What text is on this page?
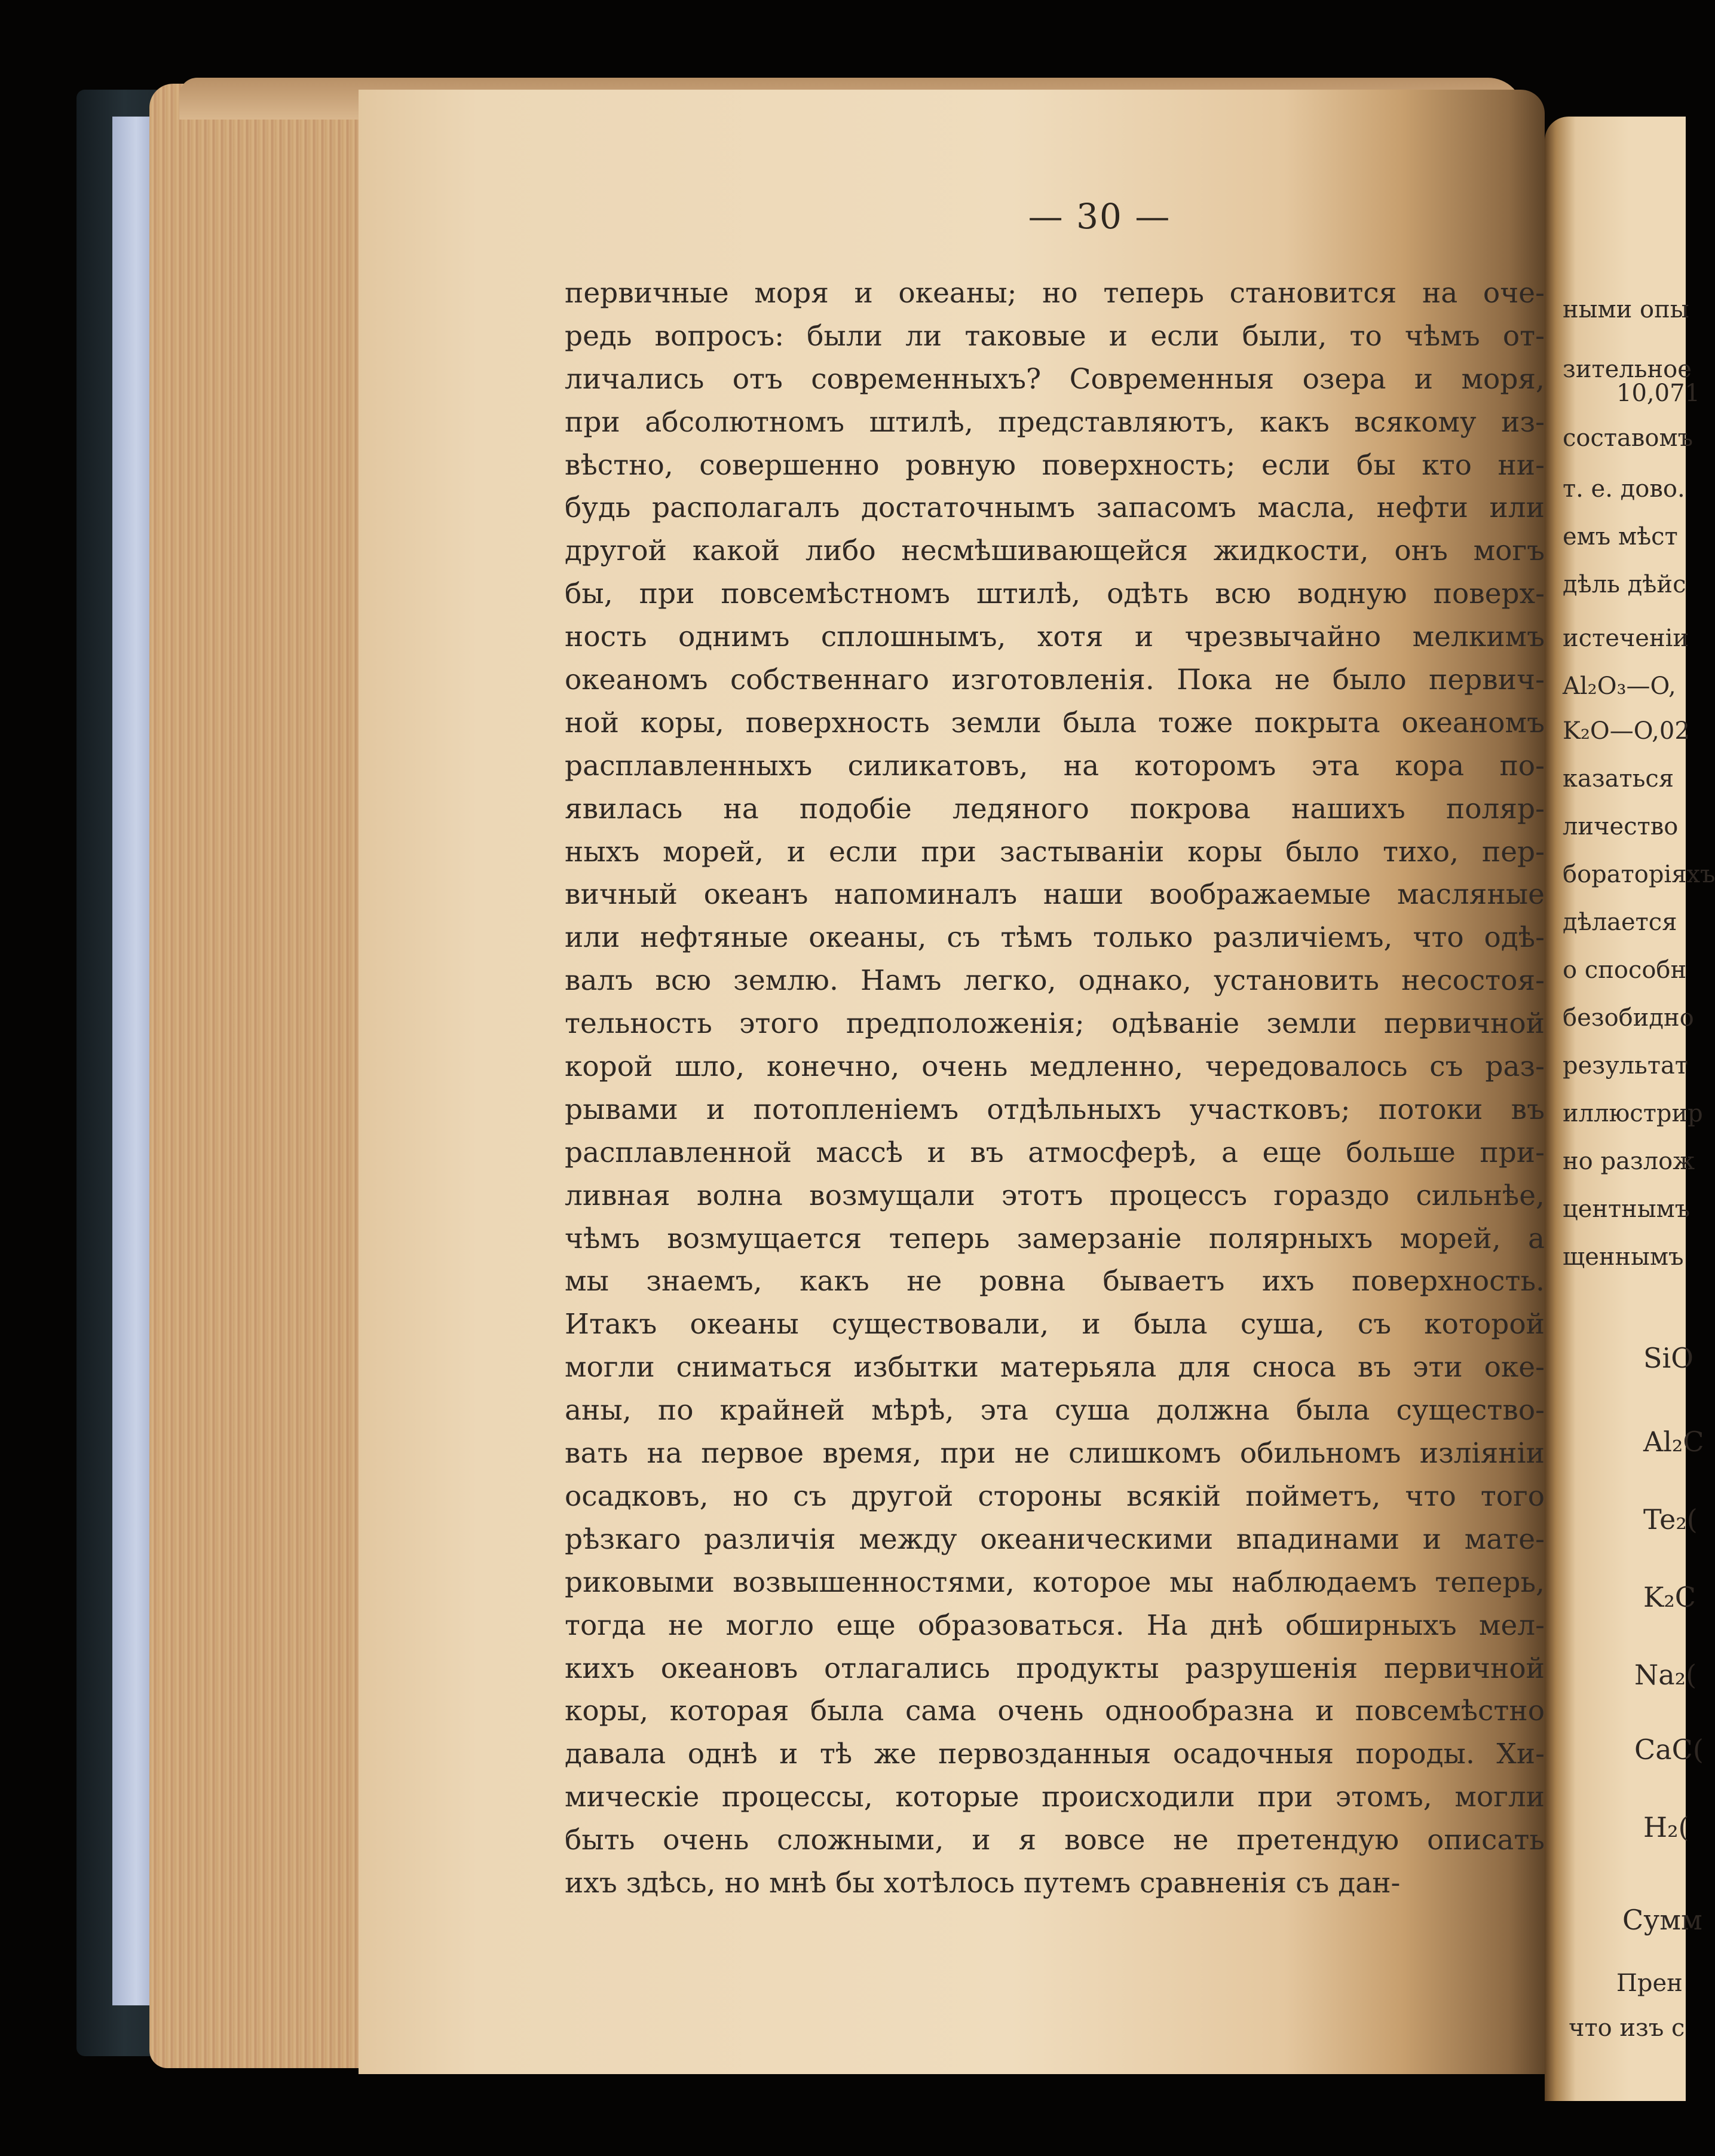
— 30 —
первичные моря и океаны; но теперь становится на оче-
редь вопросъ: были ли таковые и если были, то чѣмъ от-
личались отъ современныхъ? Современныя озера и моря,
при абсолютномъ штилѣ, представляютъ, какъ всякому из-
вѣстно, совершенно ровную поверхность; если бы кто ни-
будь располагалъ достаточнымъ запасомъ масла, нефти или
другой какой либо несмѣшивающейся жидкости, онъ могъ
бы, при повсемѣстномъ штилѣ, одѣть всю водную поверх-
ность однимъ сплошнымъ, хотя и чрезвычайно мелкимъ
океаномъ собственнаго изготовленія. Пока не было первич-
ной коры, поверхность земли была тоже покрыта океаномъ
расплавленныхъ силикатовъ, на которомъ эта кора по-
явилась на подобіе ледяного покрова нашихъ поляр-
ныхъ морей, и если при застываніи коры было тихо, пер-
вичный океанъ напоминалъ наши воображаемые масляные
или нефтяные океаны, съ тѣмъ только различіемъ, что одѣ-
валъ всю землю. Намъ легко, однако, установить несостоя-
тельность этого предположенія; одѣваніе земли первичной
корой шло, конечно, очень медленно, чередовалось съ раз-
рывами и потопленіемъ отдѣльныхъ участковъ; потоки въ
расплавленной массѣ и въ атмосферѣ, а еще больше при-
ливная волна возмущали этотъ процессъ гораздо сильнѣе,
чѣмъ возмущается теперь замерзаніе полярныхъ морей, а
мы знаемъ, какъ не ровна бываетъ ихъ поверхность.
Итакъ океаны существовали, и была суша, съ которой
могли сниматься избытки матерьяла для сноса въ эти оке-
аны, по крайней мѣрѣ, эта суша должна была существо-
вать на первое время, при не слишкомъ обильномъ изліяніи
осадковъ, но съ другой стороны всякій пойметъ, что того
рѣзкаго различія между океаническими впадинами и мате-
риковыми возвышенностями, которое мы наблюдаемъ теперь,
тогда не могло еще образоваться. На днѣ обширныхъ мел-
кихъ океановъ отлагались продукты разрушенія первичной
коры, которая была сама очень однообразна и повсемѣстно
давала однѣ и тѣ же первозданныя осадочныя породы. Хи-
мическіе процессы, которые происходили при этомъ, могли
быть очень сложными, и я вовсе не претендую описать
ихъ здѣсь, но мнѣ бы хотѣлось путемъ сравненія съ дан-
ными опы
зительное
10,071
составомъ
т. е. дово.
емъ мѣст
дѣль дѣйс
истеченіи
Al₂O₃—O,
K₂O—O,02
казаться
личество
бораторіяхъ
дѣлается
о способн
безобидно
результат
иллюстрир
но разлож
центнымъ
щеннымъ
SiO
Al₂C
Te₂(
K₂C
Na₂(
CaC(
H₂(
Сумм
Прен
что изъ с
